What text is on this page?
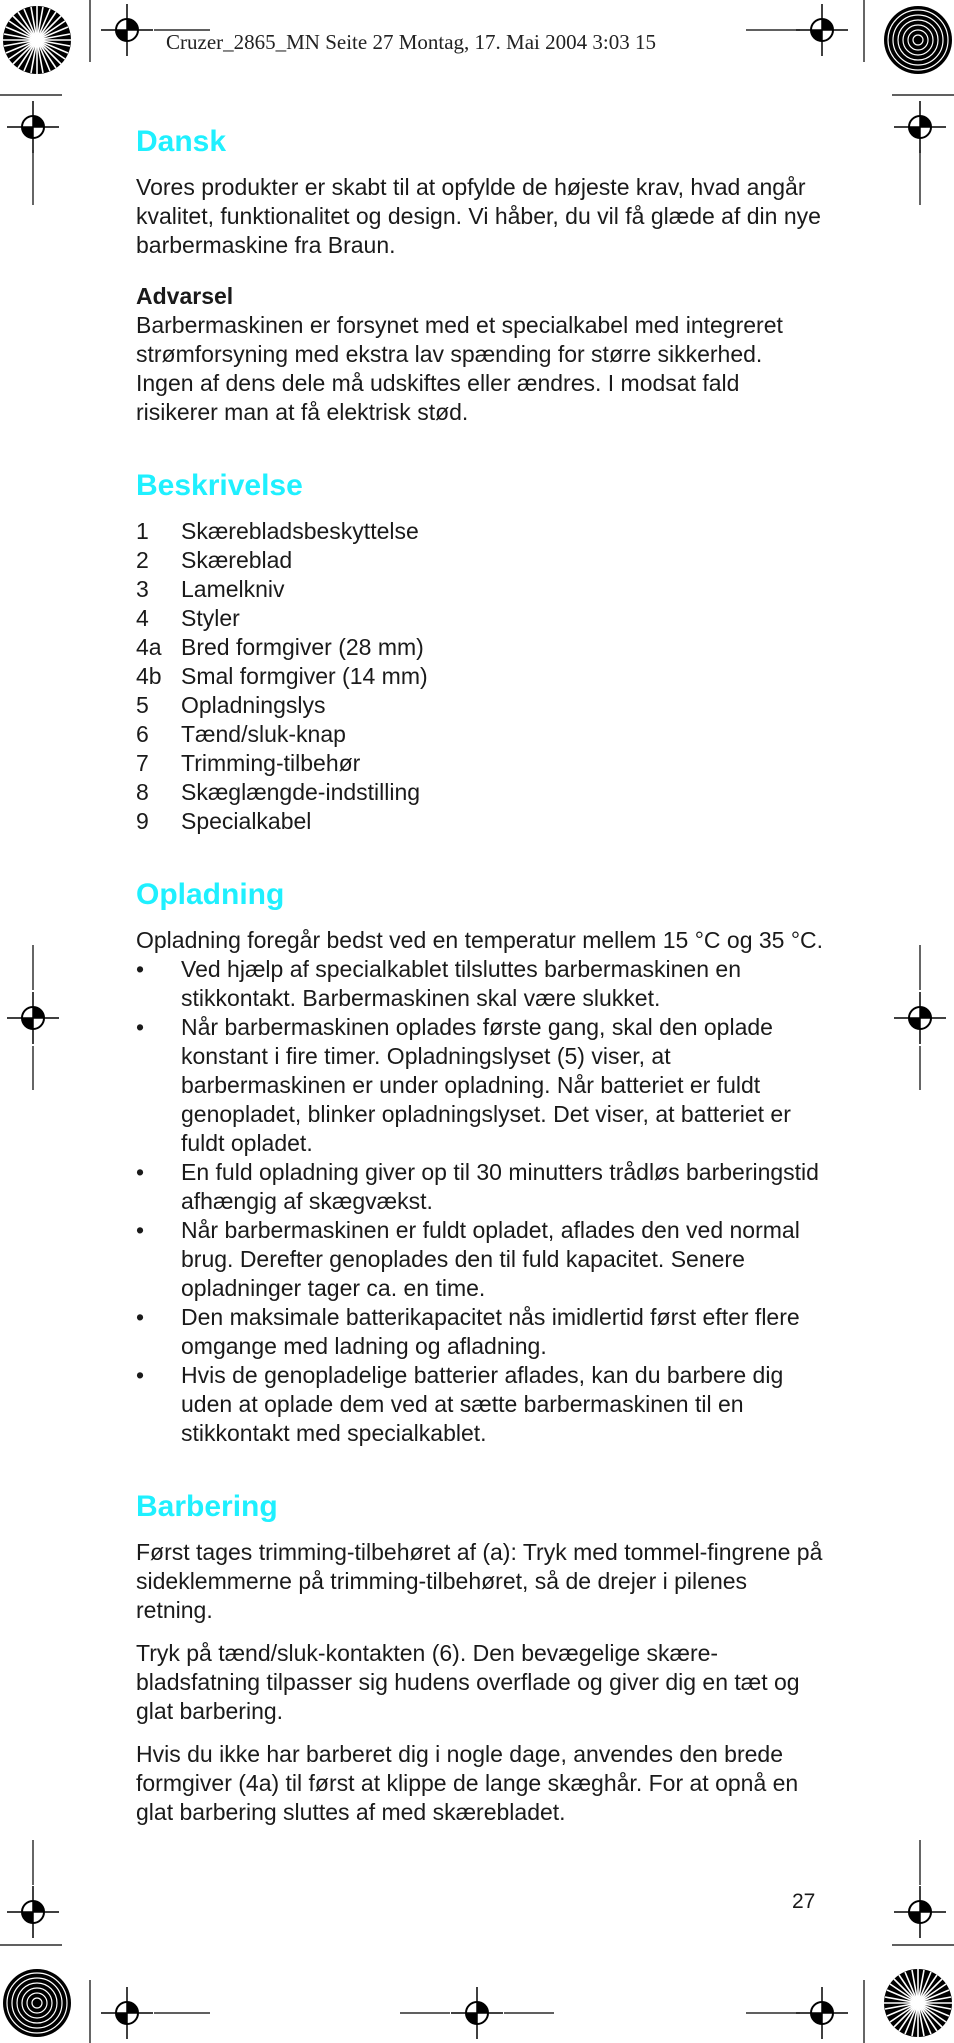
Cruzer_2865_MN Seite 27 Montag, 17. Mai 2004 3:03 15
Dansk

Vores produkter er skabt til at opfylde de højeste krav, hvad angår kvalitet, funktionalitet og design. Vi håber, du vil få glæde af din nye barbermaskine fra Braun.

Advarsel

Barbermaskinen er forsynet med et specialkabel med integreret strømforsyning med ekstra lav spænding for større sikkerhed. Ingen af dens dele må udskiftes eller ændres. I modsat fald risikerer man at få elektrisk stød.

Beskrivelse
1	Skærebladsbeskyttelse
2	Skæreblad
3	Lamelkniv
4	Styler
4a Bred formgiver (28 mm)
4b Smal formgiver (14 mm)
5	Opladningslys
6	Tænd/sluk-knap
7	Trimming-tilbehør
8	Skæglængde-indstilling
9	Specialkabel
Opladning

Opladning foregår bedst ved en temperatur mellem 15 °C og 35 °C.

•	Ved hjælp af specialkablet tilsluttes barbermaskinen en stikkontakt. Barbermaskinen skal være slukket.
•	Når barbermaskinen oplades første gang, skal den oplade konstant i fire timer. Opladningslyset (5) viser, at barbermaskinen er under opladning. Når batteriet er fuldt genopladet, blinker opladningslyset. Det viser, at batteriet er fuldt opladet.
•	En fuld opladning giver op til 30 minutters trådløs barberingstid afhængig af skægvækst.
•	Når barbermaskinen er fuldt opladet, aflades den ved normal brug. Derefter genoplades den til fuld kapacitet. Senere opladninger tager ca. en time.
•	Den maksimale batterikapacitet nås imidlertid først efter flere omgange med ladning og afladning.
•	Hvis de genopladelige batterier aflades, kan du barbere dig uden at oplade dem ved at sætte barbermaskinen til en stikkontakt med specialkablet.
Barbering

Først tages trimming-tilbehøret af (a): Tryk med tommel-fingrene på sideklemmerne på trimming-tilbehøret, så de drejer i pilenes retning.

Tryk på tænd/sluk-kontakten (6). Den bevægelige skære-bladsfatning tilpasser sig hudens overflade og giver dig en tæt og glat barbering.

Hvis du ikke har barberet dig i nogle dage, anvendes den brede formgiver (4a) til først at klippe de lange skæghår. For at opnå en glat barbering sluttes af med skærebladet.

27
